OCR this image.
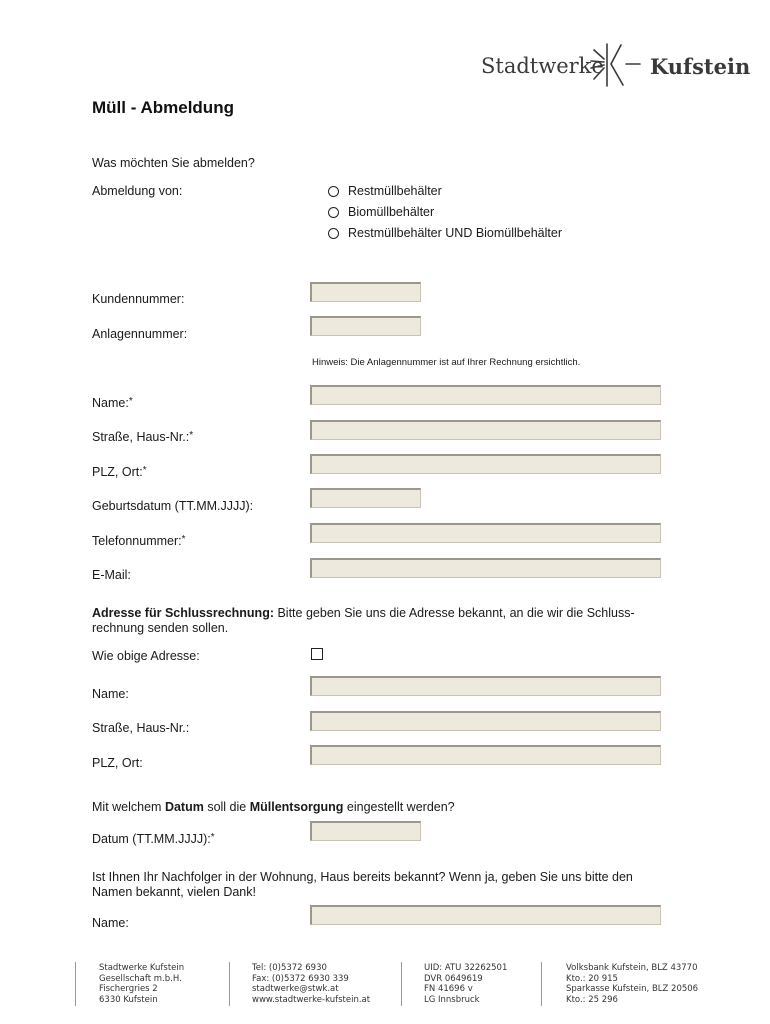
Stadtwerke Kufstein
Müll - Abmeldung
Was möchten Sie abmelden?
Abmeldung von:	Restmüllbehälter
Biomüllbehälter
Restmüllbehälter UND Biomüllbehälter
Kundennummer:
Anlagennummer:
Hinweis: Die Anlagennummer ist auf Ihrer Rechnung ersichtlich.
Name:*
Straße, Haus-Nr.:*
PLZ, Ort:*
Geburtsdatum (TT.MM.JJJJ):
Telefonnummer:*
E-Mail:
Adresse für Schlussrechnung: Bitte geben Sie uns die Adresse bekannt, an die wir die Schluss-
rechnung senden sollen.
Wie obige Adresse:
Name:
Straße, Haus-Nr.:
PLZ, Ort:
Mit welchem Datum soll die Müllentsorgung eingestellt werden?
Datum (TT.MM.JJJJ):*
Ist Ihnen Ihr Nachfolger in der Wohnung, Haus bereits bekannt? Wenn ja, geben Sie uns bitte den
Namen bekannt, vielen Dank!
Name:
Stadtwerke Kufstein
Gesellschaft m.b.H.
Fischergries 2
6330 Kufstein
Tel: (0)5372 6930
Fax: (0)5372 6930 339
stadtwerke@stwk.at
www.stadtwerke-kufstein.at
UID: ATU 32262501
DVR 0649619
FN 41696 v
LG Innsbruck
Volksbank Kufstein, BLZ 43770
Kto.: 20 915
Sparkasse Kufstein, BLZ 20506
Kto.: 25 296
